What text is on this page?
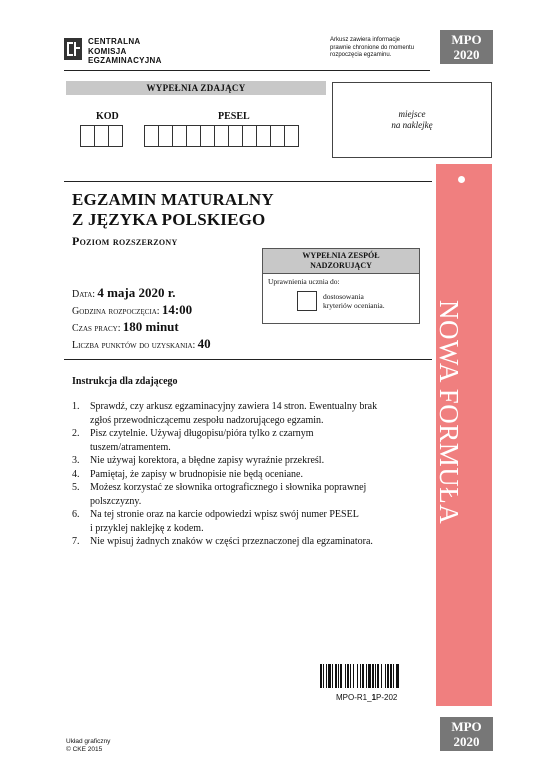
CENTRALNA
KOMISJA
EGZAMINACYJNA
Arkusz zawiera informacje
prawnie chronione do momentu
rozpoczęcia egzaminu.
MPO
2020
WYPEŁNIA ZDAJĄCY
KOD	PESEL	miejsce
na naklejkę
EGZAMIN MATURALNY
Z JĘZYKA POLSKIEGO
Poziom rozszerzony
WYPEŁNIA ZESPÓŁ
NADZORUJĄCY
Uprawnienia ucznia do:
dostosowania
kryteriów oceniania.
Data: 4 maja 2020 r.
Godzina rozpoczęcia: 14:00
Czas pracy: 180 minut
Liczba punktów do uzyskania: 40
Instrukcja dla zdającego
1.	Sprawdź, czy arkusz egzaminacyjny zawiera 14 stron. Ewentualny brak
zgłoś przewodniczącemu zespołu nadzorującego egzamin.
2.	Pisz czytelnie. Używaj długopisu/pióra tylko z czarnym
tuszem/atramentem.
3.	Nie używaj korektora, a błędne zapisy wyraźnie przekreśl.
4.	Pamiętaj, że zapisy w brudnopisie nie będą oceniane.
5.	Możesz korzystać ze słownika ortograficznego i słownika poprawnej
polszczyzny.
6.	Na tej stronie oraz na karcie odpowiedzi wpisz swój numer PESEL
i przyklej naklejkę z kodem.
7.	Nie wpisuj żadnych znaków w części przeznaczonej dla egzaminatora.
NOWA FORMUŁA
MPO-R1_1P-202
Układ graficzny
© CKE 2015
MPO
2020
